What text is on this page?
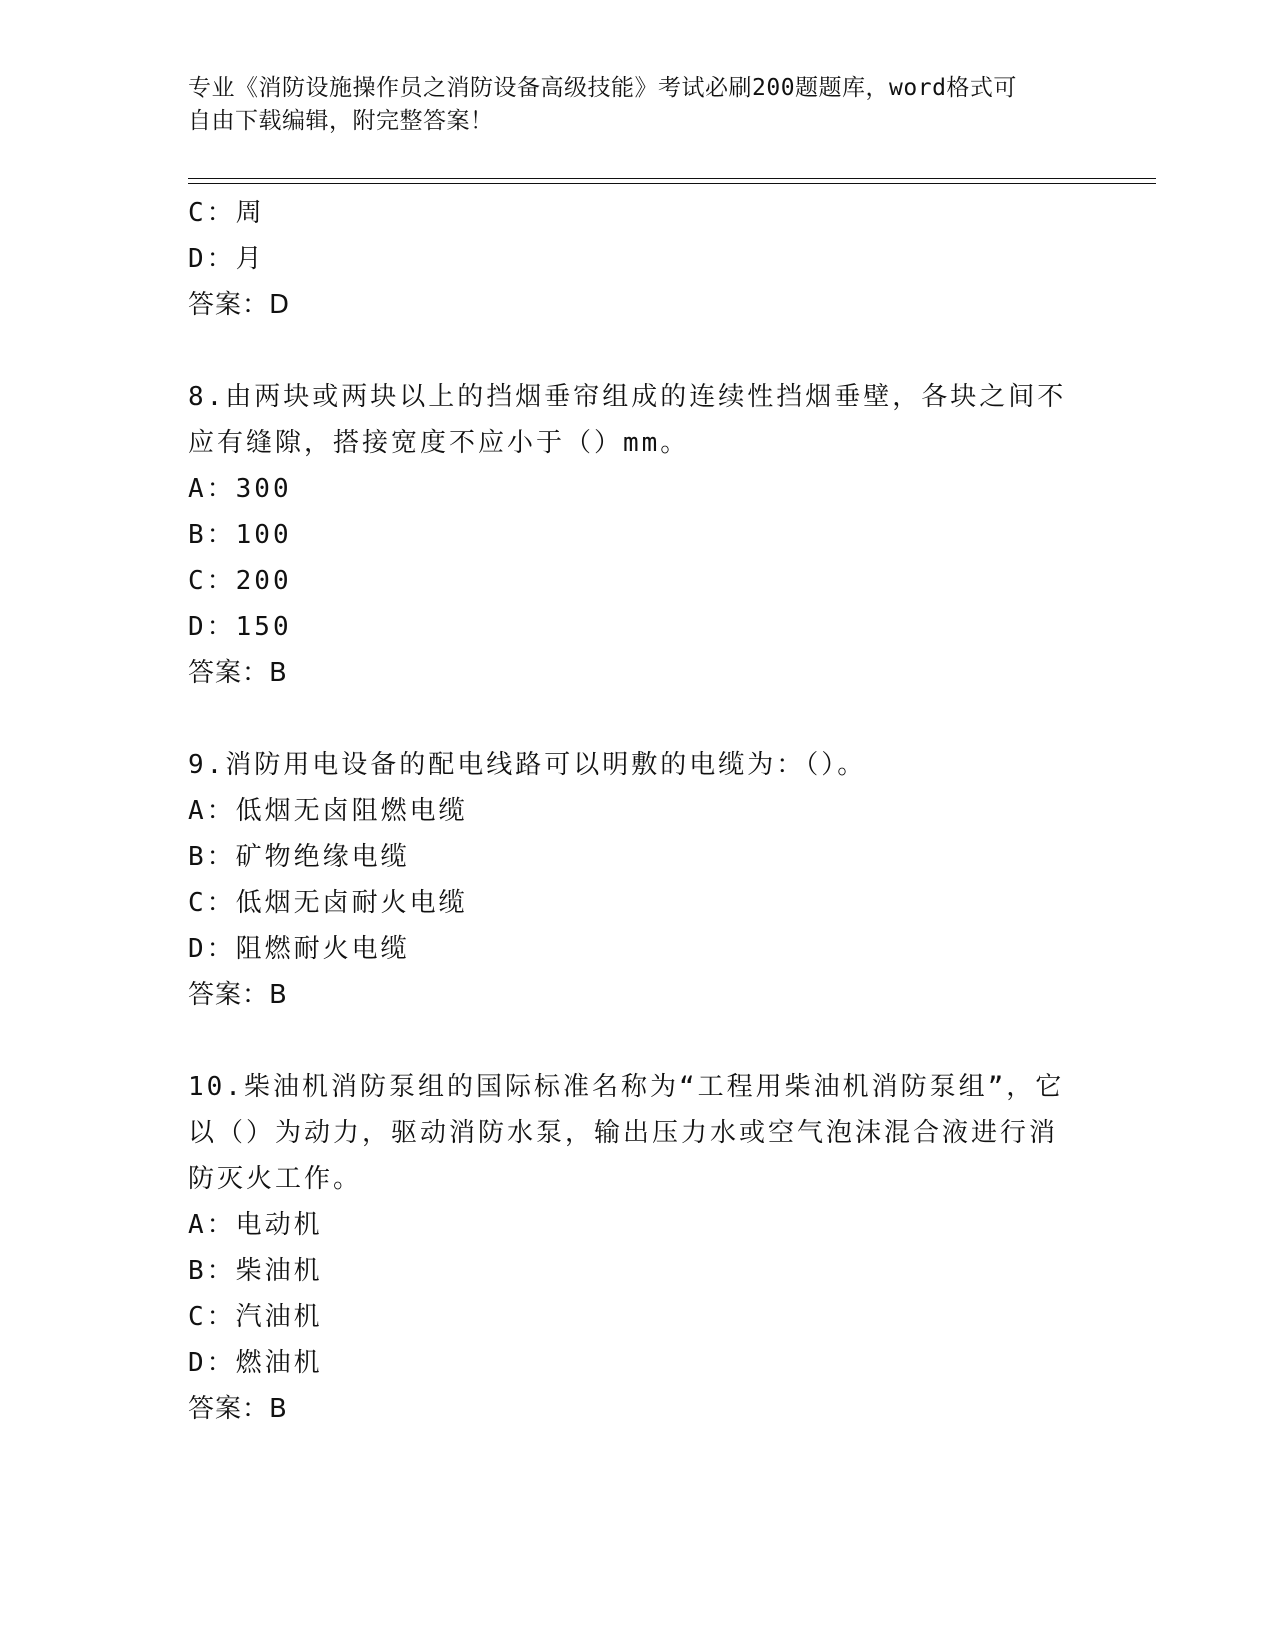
专业《消防设施操作员之消防设备高级技能》考试必刷200题题库，word格式可
自由下载编辑，附完整答案！
C：周
D：月
答案：D
8.由两块或两块以上的挡烟垂帘组成的连续性挡烟垂壁，各块之间不
应有缝隙，搭接宽度不应小于（）mm。
A：300
B：100
C：200
D：150
答案：B
9.消防用电设备的配电线路可以明敷的电缆为：（）。
A：低烟无卤阻燃电缆
B：矿物绝缘电缆
C：低烟无卤耐火电缆
D：阻燃耐火电缆
答案：B
10.柴油机消防泵组的国际标准名称为“工程用柴油机消防泵组”，它
以（）为动力，驱动消防水泵，输出压力水或空气泡沫混合液进行消
防灭火工作。
A：电动机
B：柴油机
C：汽油机
D：燃油机
答案：B
